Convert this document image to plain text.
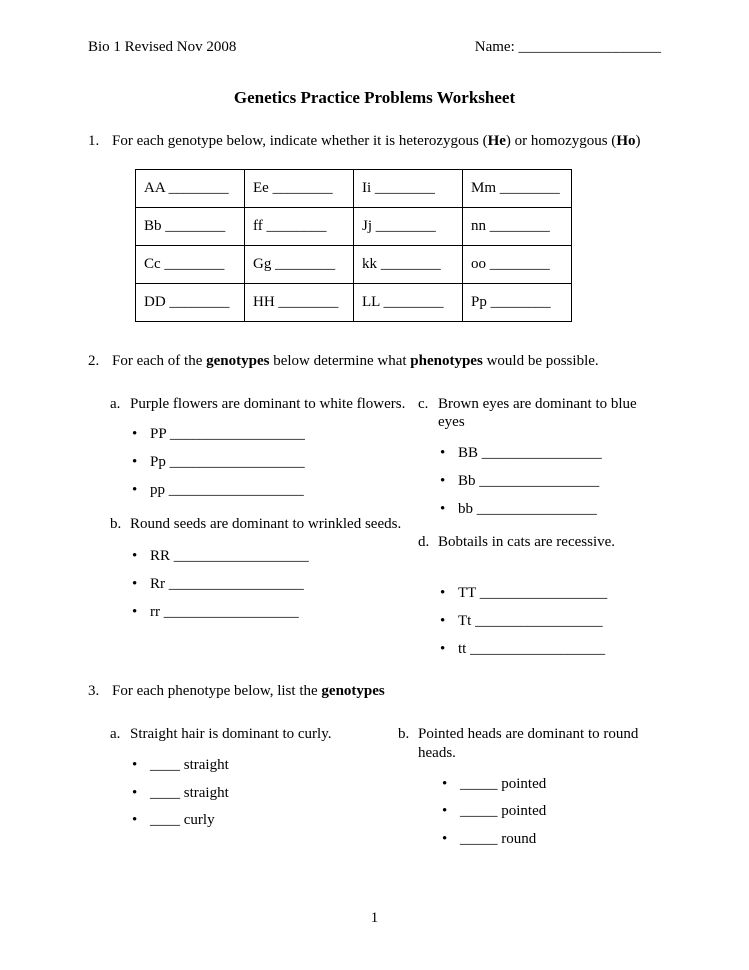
Bio 1 Revised Nov 2008	Name: ___________________
Genetics Practice Problems Worksheet
1. For each genotype below, indicate whether it is heterozygous (He) or homozygous (Ho)
AA ________	Ee ________	Ii ________	Mm ________
Bb ________	ff ________	Jj ________	nn ________
Cc ________	Gg ________	kk ________	oo ________
DD ________	HH ________	LL ________	Pp ________
2. For each of the genotypes below determine what phenotypes would be possible.
a. Purple flowers are dominant to white flowers.
• PP __________________
• Pp __________________
• pp __________________
b. Round seeds are dominant to wrinkled seeds.
• RR __________________
• Rr __________________
• rr __________________
c. Brown eyes are dominant to blue eyes
• BB ________________
• Bb ________________
• bb ________________
d. Bobtails in cats are recessive.
• TT _________________
• Tt _________________
• tt __________________
3. For each phenotype below, list the genotypes
a. Straight hair is dominant to curly.
• ____ straight
• ____ straight
• ____ curly
b. Pointed heads are dominant to round heads.
• _____ pointed
• _____ pointed
• _____ round
1
